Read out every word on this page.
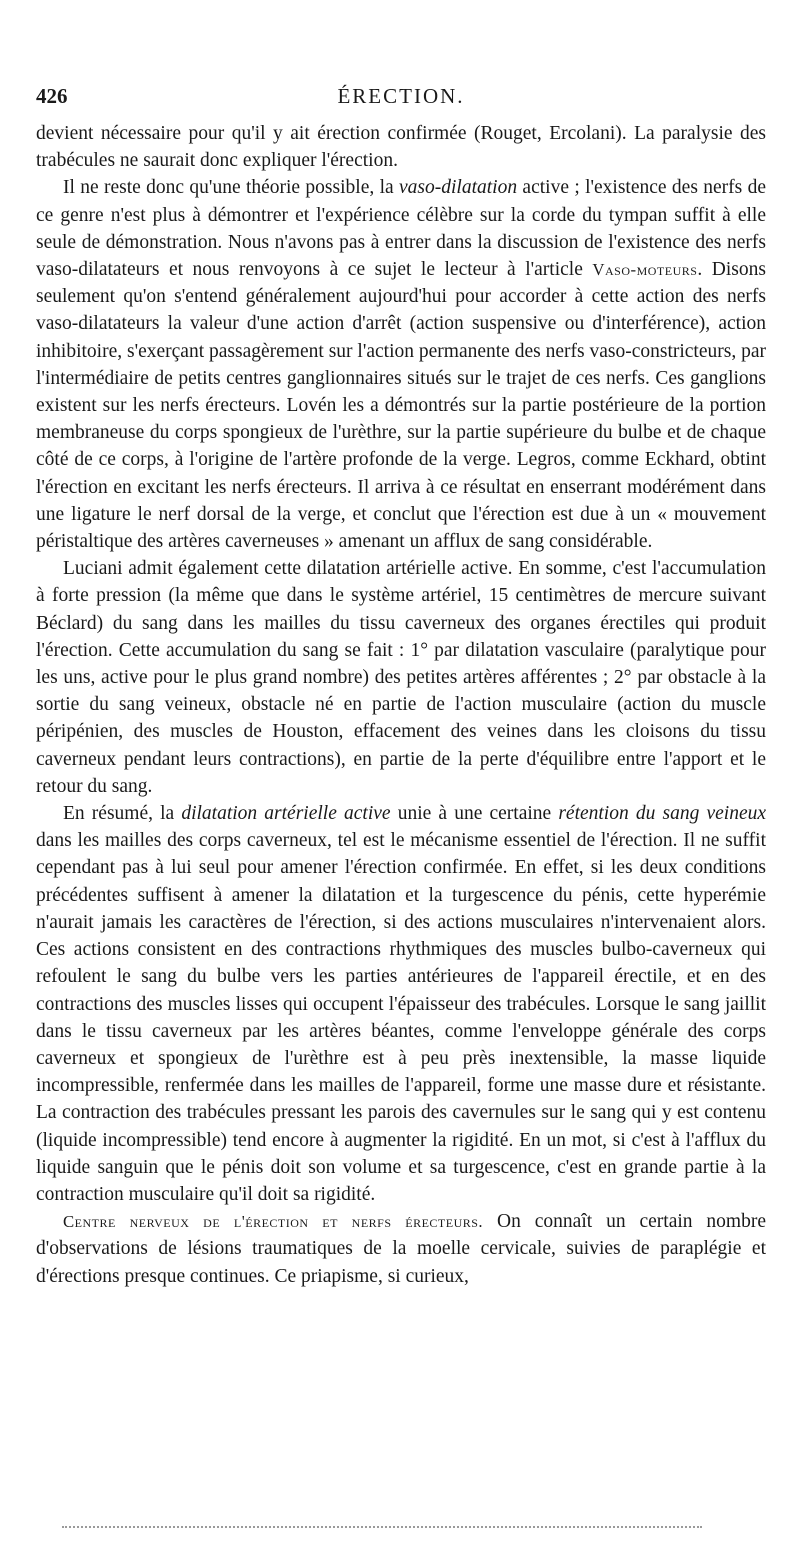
426	ÉRECTION.

devient nécessaire pour qu'il y ait érection confirmée (Rouget, Ercolani). La paralysie des trabécules ne saurait donc expliquer l'érection.

Il ne reste donc qu'une théorie possible, la vaso-dilatation active ; l'existence des nerfs de ce genre n'est plus à démontrer et l'expérience célèbre sur la corde du tympan suffit à elle seule de démonstration. Nous n'avons pas à entrer dans la discussion de l'existence des nerfs vaso-dilatateurs et nous renvoyons à ce sujet le lecteur à l'article Vaso-moteurs. Disons seulement qu'on s'entend généralement aujourd'hui pour accorder à cette action des nerfs vaso-dilatateurs la valeur d'une action d'arrêt (action suspensive ou d'interférence), action inhibitoire, s'exerçant passagèrement sur l'action permanente des nerfs vaso-constricteurs, par l'intermédiaire de petits centres ganglionnaires situés sur le trajet de ces nerfs. Ces ganglions existent sur les nerfs érecteurs. Lovén les a démontrés sur la partie postérieure de la portion membraneuse du corps spongieux de l'urèthre, sur la partie supérieure du bulbe et de chaque côté de ce corps, à l'origine de l'artère profonde de la verge. Legros, comme Eckhard, obtint l'érection en excitant les nerfs érecteurs. Il arriva à ce résultat en enserrant modérément dans une ligature le nerf dorsal de la verge, et conclut que l'érection est due à un « mouvement péristaltique des artères caverneuses » amenant un afflux de sang considérable.

Luciani admit également cette dilatation artérielle active. En somme, c'est l'accumulation à forte pression (la même que dans le système artériel, 15 centimètres de mercure suivant Béclard) du sang dans les mailles du tissu caverneux des organes érectiles qui produit l'érection. Cette accumulation du sang se fait : 1° par dilatation vasculaire (paralytique pour les uns, active pour le plus grand nombre) des petites artères afférentes ; 2° par obstacle à la sortie du sang veineux, obstacle né en partie de l'action musculaire (action du muscle péripénien, des muscles de Houston, effacement des veines dans les cloisons du tissu caverneux pendant leurs contractions), en partie de la perte d'équilibre entre l'apport et le retour du sang.

En résumé, la dilatation artérielle active unie à une certaine rétention du sang veineux dans les mailles des corps caverneux, tel est le mécanisme essentiel de l'érection. Il ne suffit cependant pas à lui seul pour amener l'érection confirmée. En effet, si les deux conditions précédentes suffisent à amener la dilatation et la turgescence du pénis, cette hyperémie n'aurait jamais les caractères de l'érection, si des actions musculaires n'intervenaient alors. Ces actions consistent en des contractions rhythmiques des muscles bulbo-caverneux qui refoulent le sang du bulbe vers les parties antérieures de l'appareil érectile, et en des contractions des muscles lisses qui occupent l'épaisseur des trabécules. Lorsque le sang jaillit dans le tissu caverneux par les artères béantes, comme l'enveloppe générale des corps caverneux et spongieux de l'urèthre est à peu près inextensible, la masse liquide incompressible, renfermée dans les mailles de l'appareil, forme une masse dure et résistante. La contraction des trabécules pressant les parois des cavernules sur le sang qui y est contenu (liquide incompressible) tend encore à augmenter la rigidité. En un mot, si c'est à l'afflux du liquide sanguin que le pénis doit son volume et sa turgescence, c'est en grande partie à la contraction musculaire qu'il doit sa rigidité.

Centre nerveux de l'érection et nerfs érecteurs. On connaît un certain nombre d'observations de lésions traumatiques de la moelle cervicale, suivies de paraplégie et d'érections presque continues. Ce priapisme, si curieux,
